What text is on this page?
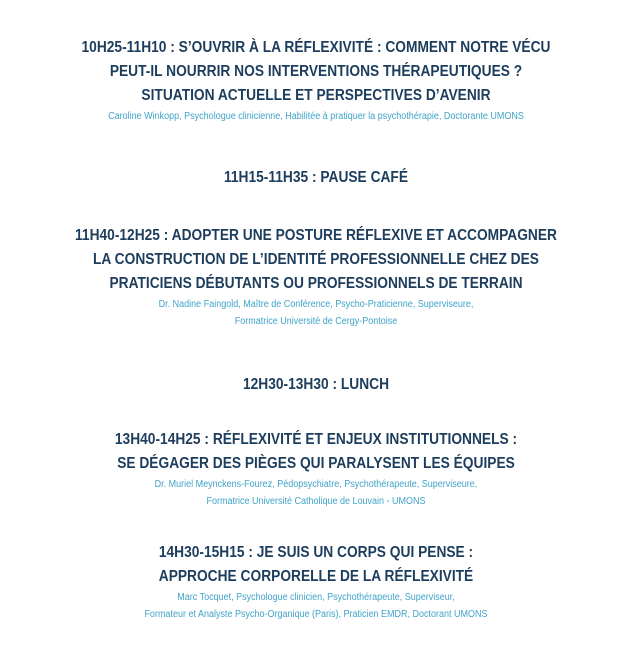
10H25-11H10 : S’OUVRIR À LA RÉFLEXIVITÉ : COMMENT NOTRE VÉCU
PEUT-IL NOURRIR NOS INTERVENTIONS THÉRAPEUTIQUES ?
SITUATION ACTUELLE ET PERSPECTIVES D’AVENIR
Caroline Winkopp, Psychologue clinicienne, Habilitée à pratiquer la psychothérapie, Doctorante UMONS
11H15-11H35 : PAUSE CAFÉ
11H40-12H25 : ADOPTER UNE POSTURE RÉFLEXIVE ET ACCOMPAGNER
LA CONSTRUCTION DE L’IDENTITÉ PROFESSIONNELLE CHEZ DES
PRATICIENS DÉBUTANTS OU PROFESSIONNELS DE TERRAIN
Dr. Nadine Faingold, Maître de Conférence, Psycho-Praticienne, Superviseure,
Formatrice Université de Cergy-Pontoise
12H30-13H30 : LUNCH
13H40-14H25 : RÉFLEXIVITÉ ET ENJEUX INSTITUTIONNELS :
SE DÉGAGER DES PIÈGES QUI PARALYSENT LES ÉQUIPES
Dr. Muriel Meynckens-Fourez, Pédopsychiatre, Psychothérapeute, Superviseure,
Formatrice Université Catholique de Louvain - UMONS
14H30-15H15 : JE SUIS UN CORPS QUI PENSE :
APPROCHE CORPORELLE DE LA RÉFLEXIVITÉ
Marc Tocquet, Psychologue clinicien, Psychothérapeute, Superviseur,
Formateur et Analyste Psycho-Organique (Paris), Praticien EMDR, Doctorant UMONS
